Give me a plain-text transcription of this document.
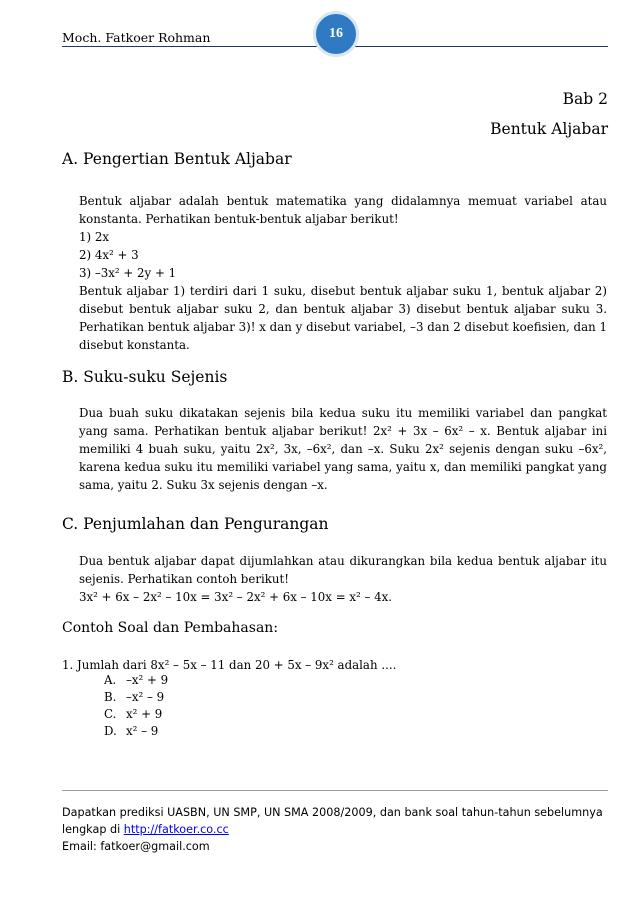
Moch. Fatkoer Rohman	16
Bab 2
Bentuk Aljabar
A. Pengertian Bentuk Aljabar

Bentuk aljabar adalah bentuk matematika yang didalamnya memuat variabel atau konstanta. Perhatikan bentuk-bentuk aljabar berikut!

1) 2x

2) 4x² + 3

3) –3x² + 2y + 1

Bentuk aljabar 1) terdiri dari 1 suku, disebut bentuk aljabar suku 1, bentuk aljabar 2) disebut bentuk aljabar suku 2, dan bentuk aljabar 3) disebut bentuk aljabar suku 3. Perhatikan bentuk aljabar 3)! x dan y disebut variabel, –3 dan 2 disebut koefisien, dan 1 disebut konstanta.

B. Suku-suku Sejenis

Dua buah suku dikatakan sejenis bila kedua suku itu memiliki variabel dan pangkat yang sama. Perhatikan bentuk aljabar berikut! 2x² + 3x – 6x² – x. Bentuk aljabar ini memiliki 4 buah suku, yaitu 2x², 3x, –6x², dan –x. Suku 2x² sejenis dengan suku –6x², karena kedua suku itu memiliki variabel yang sama, yaitu x, dan memiliki pangkat yang sama, yaitu 2. Suku 3x sejenis dengan –x.

C. Penjumlahan dan Pengurangan

Dua bentuk aljabar dapat dijumlahkan atau dikurangkan bila kedua bentuk aljabar itu sejenis. Perhatikan contoh berikut!

3x² + 6x – 2x² – 10x = 3x² – 2x² + 6x – 10x = x² – 4x.

Contoh Soal dan Pembahasan:
1. Jumlah dari 8x² – 5x – 11 dan 20 + 5x – 9x² adalah ....
A. –x² + 9
B. –x² – 9
C. x² + 9
D. x² – 9
Dapatkan prediksi UASBN, UN SMP, UN SMA 2008/2009, dan bank soal tahun-tahun sebelumnya
lengkap di http://fatkoer.co.cc
Email: fatkoer@gmail.com
